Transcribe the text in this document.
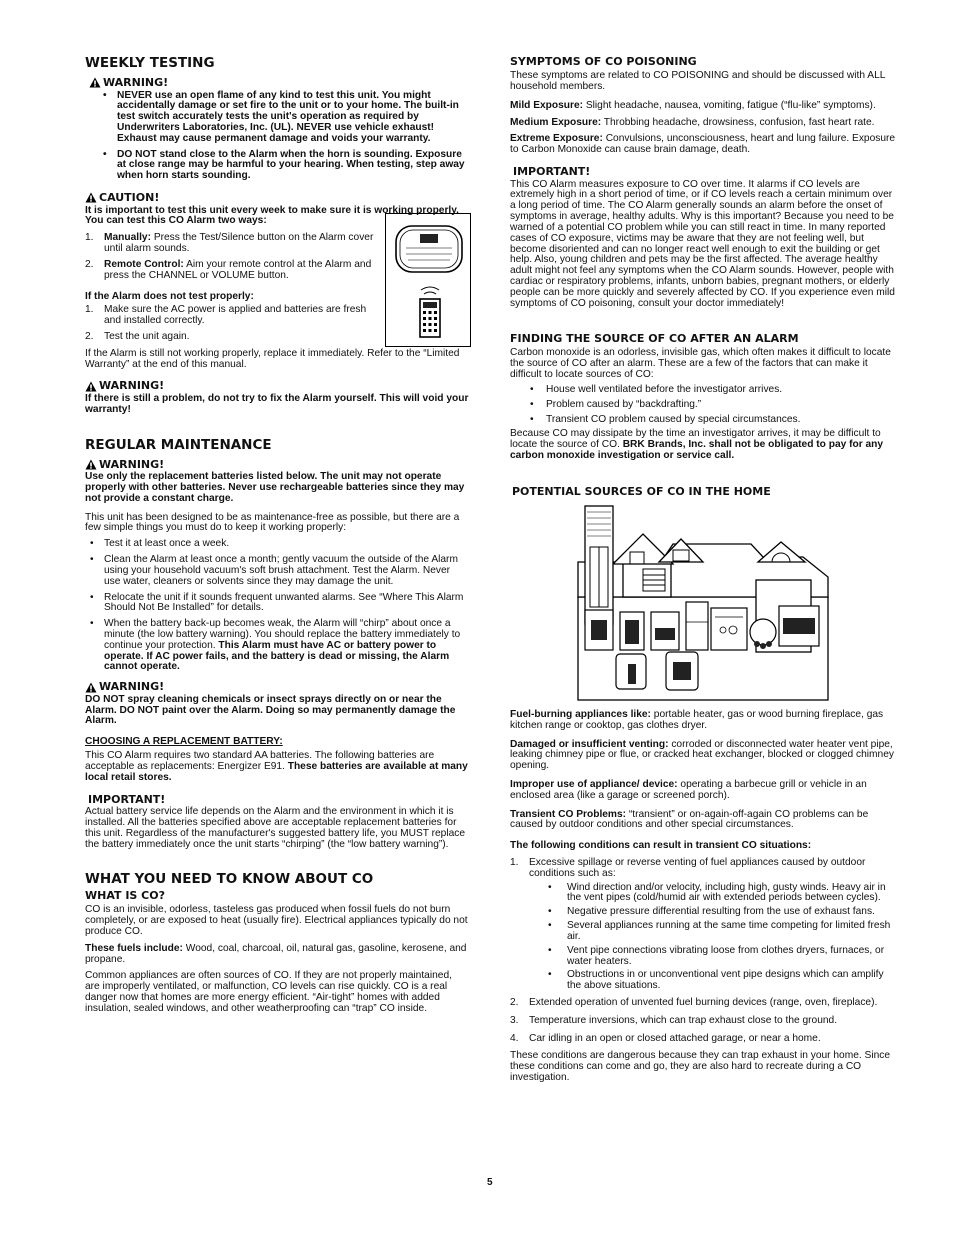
WEEKLY TESTING
WARNING!
• NEVER use an open flame of any kind to test this unit. You might accidentally damage or set fire to the unit or to your home. The built-in test switch accurately tests the unit's operation as required by Underwriters Laboratories, Inc. (UL). NEVER use vehicle exhaust! Exhaust may cause permanent damage and voids your warranty.
• DO NOT stand close to the Alarm when the horn is sounding. Exposure at close range may be harmful to your hearing. When testing, step away when horn starts sounding.
CAUTION!

It is important to test this unit every week to make sure it is working properly. You can test this CO Alarm two ways:

1. Manually: Press the Test/Silence button on the Alarm cover until alarm sounds.
2. Remote Control: Aim your remote control at the Alarm and press the CHANNEL or VOLUME button.

If the Alarm does not test properly:

1. Make sure the AC power is applied and batteries are fresh and installed correctly.
2. Test the unit again.

If the Alarm is still not working properly, replace it immediately. Refer to the “Limited Warranty” at the end of this manual.

WARNING!

If there is still a problem, do not try to fix the Alarm yourself. This will void your warranty!

REGULAR MAINTENANCE
WARNING!

Use only the replacement batteries listed below. The unit may not operate properly with other batteries. Never use rechargeable batteries since they may not provide a constant charge.

This unit has been designed to be as maintenance-free as possible, but there are a few simple things you must do to keep it working properly:

• Test it at least once a week.
• Clean the Alarm at least once a month; gently vacuum the outside of the Alarm using your household vacuum's soft brush attachment. Test the Alarm. Never use water, cleaners or solvents since they may damage the unit.
• Relocate the unit if it sounds frequent unwanted alarms. See “Where This Alarm Should Not Be Installed” for details.
• When the battery back-up becomes weak, the Alarm will “chirp” about once a minute (the low battery warning). You should replace the battery immediately to continue your protection. This Alarm must have AC or battery power to operate. If AC power fails, and the battery is dead or missing, the Alarm cannot operate.
WARNING!

DO NOT spray cleaning chemicals or insect sprays directly on or near the Alarm. DO NOT paint over the Alarm. Doing so may permanently damage the Alarm.

CHOOSING A REPLACEMENT BATTERY:

This CO Alarm requires two standard AA batteries. The following batteries are acceptable as replacements: Energizer E91. These batteries are available at many local retail stores.

IMPORTANT!

Actual battery service life depends on the Alarm and the environment in which it is installed. All the batteries specified above are acceptable replacement batteries for this unit. Regardless of the manufacturer's suggested battery life, you MUST replace the battery immediately once the unit starts “chirping” (the “low battery warning”).

WHAT YOU NEED TO KNOW ABOUT CO
WHAT IS CO?

CO is an invisible, odorless, tasteless gas produced when fossil fuels do not burn completely, or are exposed to heat (usually fire). Electrical appliances typically do not produce CO.

These fuels include: Wood, coal, charcoal, oil, natural gas, gasoline, kerosene, and propane.

Common appliances are often sources of CO. If they are not properly maintained, are improperly ventilated, or malfunction, CO levels can rise quickly. CO is a real danger now that homes are more energy efficient. “Air-tight” homes with added insulation, sealed windows, and other weatherproofing can “trap” CO inside.

SYMPTOMS OF CO POISONING

These symptoms are related to CO POISONING and should be discussed with ALL household members.

Mild Exposure: Slight headache, nausea, vomiting, fatigue (“flu-like” symptoms).

Medium Exposure: Throbbing headache, drowsiness, confusion, fast heart rate.

Extreme Exposure: Convulsions, unconsciousness, heart and lung failure. Exposure to Carbon Monoxide can cause brain damage, death.

IMPORTANT!

This CO Alarm measures exposure to CO over time. It alarms if CO levels are extremely high in a short period of time, or if CO levels reach a certain minimum over a long period of time. The CO Alarm generally sounds an alarm before the onset of symptoms in average, healthy adults. Why is this important? Because you need to be warned of a potential CO problem while you can still react in time. In many reported cases of CO exposure, victims may be aware that they are not feeling well, but become disoriented and can no longer react well enough to exit the building or get help. Also, young children and pets may be the first affected. The average healthy adult might not feel any symptoms when the CO Alarm sounds. However, people with cardiac or respiratory problems, infants, unborn babies, pregnant mothers, or elderly people can be more quickly and severely affected by CO. If you experience even mild symptoms of CO poisoning, consult your doctor immediately!

FINDING THE SOURCE OF CO AFTER AN ALARM

Carbon monoxide is an odorless, invisible gas, which often makes it difficult to locate the source of CO after an alarm. These are a few of the factors that can make it difficult to locate sources of CO:

• House well ventilated before the investigator arrives.
• Problem caused by “backdrafting.”
• Transient CO problem caused by special circumstances.

Because CO may dissipate by the time an investigator arrives, it may be difficult to locate the source of CO. BRK Brands, Inc. shall not be obligated to pay for any carbon monoxide investigation or service call.

POTENTIAL SOURCES OF CO IN THE HOME

Fuel-burning appliances like: portable heater, gas or wood burning fireplace, gas kitchen range or cooktop, gas clothes dryer.

Damaged or insufficient venting: corroded or disconnected water heater vent pipe, leaking chimney pipe or flue, or cracked heat exchanger, blocked or clogged chimney opening.

Improper use of appliance/ device: operating a barbecue grill or vehicle in an enclosed area (like a garage or screened porch).

Transient CO Problems: “transient” or on-again-off-again CO problems can be caused by outdoor conditions and other special circumstances.

The following conditions can result in transient CO situations:

1. Excessive spillage or reverse venting of fuel appliances caused by outdoor conditions such as:
• Wind direction and/or velocity, including high, gusty winds. Heavy air in the vent pipes (cold/humid air with extended periods between cycles).
• Negative pressure differential resulting from the use of exhaust fans.
• Several appliances running at the same time competing for limited fresh air.
• Vent pipe connections vibrating loose from clothes dryers, furnaces, or water heaters.
• Obstructions in or unconventional vent pipe designs which can amplify the above situations.
2. Extended operation of unvented fuel burning devices (range, oven, fireplace).
3. Temperature inversions, which can trap exhaust close to the ground.
4. Car idling in an open or closed attached garage, or near a home.

These conditions are dangerous because they can trap exhaust in your home. Since these conditions can come and go, they are also hard to recreate during a CO investigation.

5
